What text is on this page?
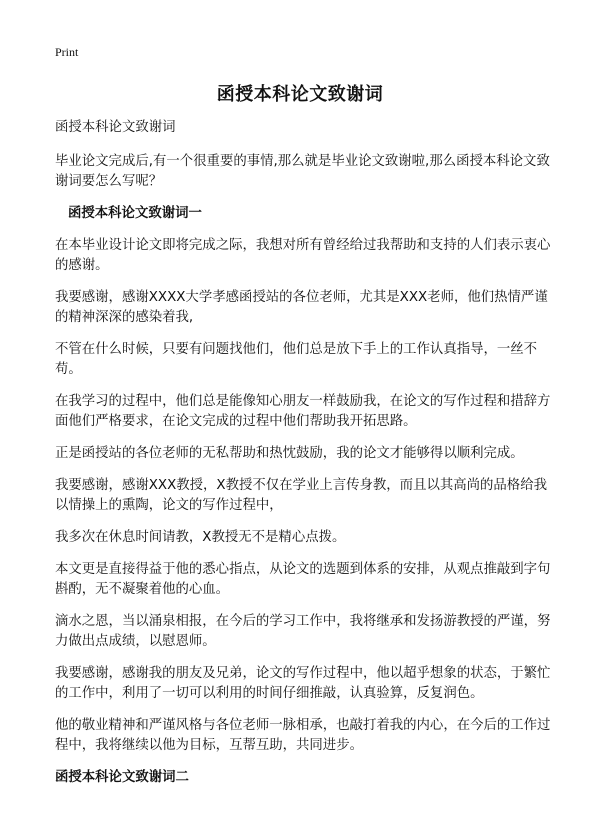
Print
函授本科论文致谢词

函授本科论文致谢词

毕业论文完成后,有一个很重要的事情,那么就是毕业论文致谢啦,那么函授本科论文致谢词要怎么写呢？

函授本科论文致谢词一

在本毕业设计论文即将完成之际，我想对所有曾经给过我帮助和支持的人们表示衷心的感谢。

我要感谢，感谢XXXX大学孝感函授站的各位老师，尤其是XXX老师，他们热情严谨的精神深深的感染着我,

不管在什么时候，只要有问题找他们，他们总是放下手上的工作认真指导，一丝不苟。

在我学习的过程中，他们总是能像知心朋友一样鼓励我，在论文的写作过程和措辞方面他们严格要求，在论文完成的过程中他们帮助我开拓思路。

正是函授站的各位老师的无私帮助和热忱鼓励，我的论文才能够得以顺利完成。

我要感谢，感谢XXX教授，X教授不仅在学业上言传身教，而且以其高尚的品格给我以情操上的熏陶，论文的写作过程中，

我多次在休息时间请教，X教授无不是精心点拨。

本文更是直接得益于他的悉心指点，从论文的选题到体系的安排，从观点推敲到字句斟酌，无不凝聚着他的心血。

滴水之恩，当以涌泉相报，在今后的学习工作中，我将继承和发扬游教授的严谨，努力做出点成绩，以慰恩师。

我要感谢，感谢我的朋友及兄弟，论文的写作过程中，他以超乎想象的状态，于繁忙的工作中，利用了一切可以利用的时间仔细推敲，认真验算，反复润色。

他的敬业精神和严谨风格与各位老师一脉相承，也敲打着我的内心，在今后的工作过程中，我将继续以他为目标，互帮互助，共同进步。

函授本科论文致谢词二
